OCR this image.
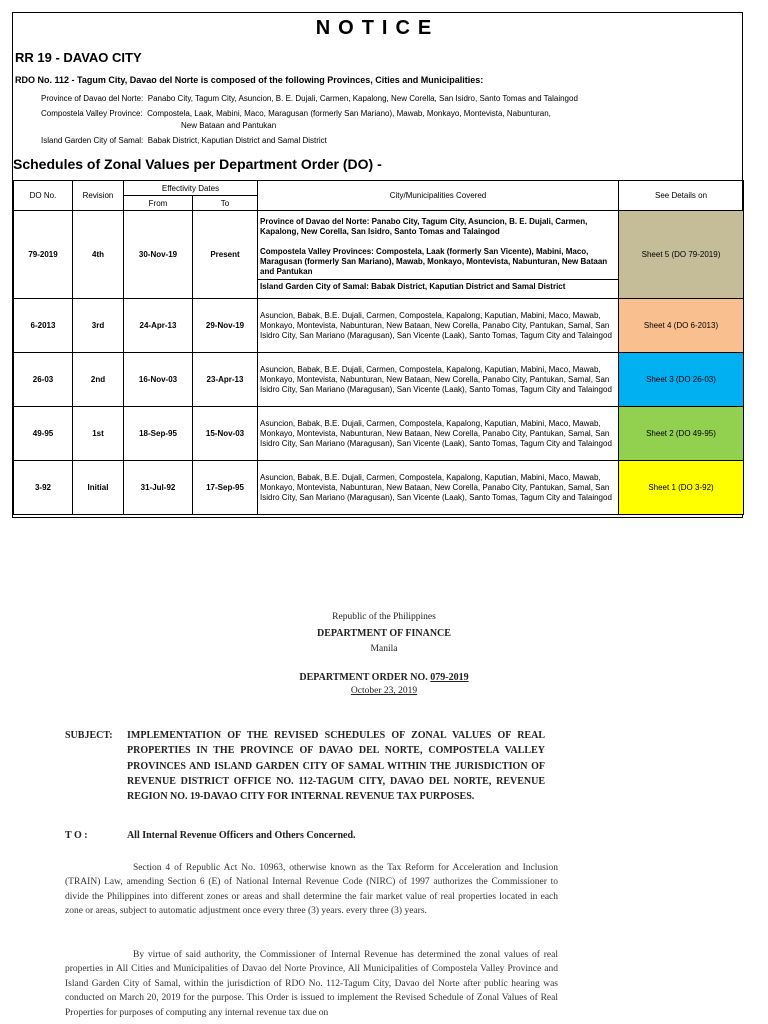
NOTICE
RR 19 - DAVAO CITY
RDO No. 112 - Tagum City, Davao del Norte is composed of the following Provinces, Cities and Municipalities:
Province of Davao del Norte: Panabo City, Tagum City, Asuncion, B. E. Dujali, Carmen, Kapalong, New Corella, San Isidro, Santo Tomas and Talaingod
Compostela Valley Province: Compostela, Laak, Mabini, Maco, Maragusan (formerly San Mariano), Mawab, Monkayo, Montevista, Nabunturan,
New Bataan and Pantukan
Island Garden City of Samal: Babak District, Kaputian District and Samal District
Schedules of Zonal Values per Department Order (DO) -
DO No.	Revision	Effectivity Dates		City/Municipalities Covered	See Details on
		From	To		
79-2019	4th	30-Nov-19	Present	Province of Davao del Norte: Panabo City, Tagum City, Asuncion, B. E. Dujali, Carmen, Kapalong, New Corella, San Isidro, Santo Tomas and Talaingod
Compostela Valley Provinces: Compostela, Laak (formerly San Vicente), Mabini, Maco, Maragusan (formerly San Mariano), Mawab, Monkayo, Montevista, Nabunturan, New Bataan and Pantukan
Island Garden City of Samal: Babak District, Kaputian District and Samal District	Sheet 5 (DO 79-2019)
6-2013	3rd	24-Apr-13	29-Nov-19	Asuncion, Babak, B.E. Dujali, Carmen, Compostela, Kapalong, Kaputian, Mabini, Maco, Mawab, Monkayo, Montevista, Nabunturan, New Bataan, New Corella, Panabo City, Pantukan, Samal, San Isidro City, San Mariano (Maragusan), San Vicente (Laak), Santo Tomas, Tagum City and Talaingod	Sheet 4 (DO 6-2013)
26-03	2nd	16-Nov-03	23-Apr-13	Asuncion, Babak, B.E. Dujali, Carmen, Compostela, Kapalong, Kaputian, Mabini, Maco, Mawab, Monkayo, Montevista, Nabunturan, New Bataan, New Corella, Panabo City, Pantukan, Samal, San Isidro City, San Mariano (Maragusan), San Vicente (Laak), Santo Tomas, Tagum City and Talaingod	Sheet 3 (DO 26-03)
49-95	1st	18-Sep-95	15-Nov-03	Asuncion, Babak, B.E. Dujali, Carmen, Compostela, Kapalong, Kaputian, Mabini, Maco, Mawab, Monkayo, Montevista, Nabunturan, New Bataan, New Corella, Panabo City, Pantukan, Samal, San Isidro City, San Mariano (Maragusan), San Vicente (Laak), Santo Tomas, Tagum City and Talaingod	Sheet 2 (DO 49-95)
3-92	Initial	31-Jul-92	17-Sep-95	Asuncion, Babak, B.E. Dujali, Carmen, Compostela, Kapalong, Kaputian, Mabini, Maco, Mawab, Monkayo, Montevista, Nabunturan, New Bataan, New Corella, Panabo City, Pantukan, Samal, San Isidro City, San Mariano (Maragusan), San Vicente (Laak), Santo Tomas, Tagum City and Talaingod	Sheet 1 (DO 3-92)
Republic of the Philippines
DEPARTMENT OF FINANCE
Manila
DEPARTMENT ORDER NO. 079-2019
October 23, 2019
SUBJECT: IMPLEMENTATION OF THE REVISED SCHEDULES OF ZONAL VALUES OF REAL PROPERTIES IN THE PROVINCE OF DAVAO DEL NORTE, COMPOSTELA VALLEY PROVINCES AND ISLAND GARDEN CITY OF SAMAL WITHIN THE JURISDICTION OF REVENUE DISTRICT OFFICE NO. 112-TAGUM CITY, DAVAO DEL NORTE, REVENUE REGION NO. 19-DAVAO CITY FOR INTERNAL REVENUE TAX PURPOSES.
T O :	All Internal Revenue Officers and Others Concerned.
Section 4 of Republic Act No. 10963, otherwise known as the Tax Reform for Acceleration and Inclusion (TRAIN) Law, amending Section 6 (E) of National Internal Revenue Code (NIRC) of 1997 authorizes the Commissioner to divide the Philippines into different zones or areas and shall determine the fair market value of real properties located in each zone or areas, subject to automatic adjustment once every three (3) years. every three (3) years.
By virtue of said authority, the Commissioner of Internal Revenue has determined the zonal values of real properties in All Cities and Municipalities of Davao del Norte Province, All Municipalities of Compostela Valley Province and Island Garden City of Samal, within the jurisdiction of RDO No. 112-Tagum City, Davao del Norte after public hearing was conducted on March 20, 2019 for the purpose. This Order is issued to implement the Revised Schedule of Zonal Values of Real Properties for purposes of computing any internal revenue tax due on
